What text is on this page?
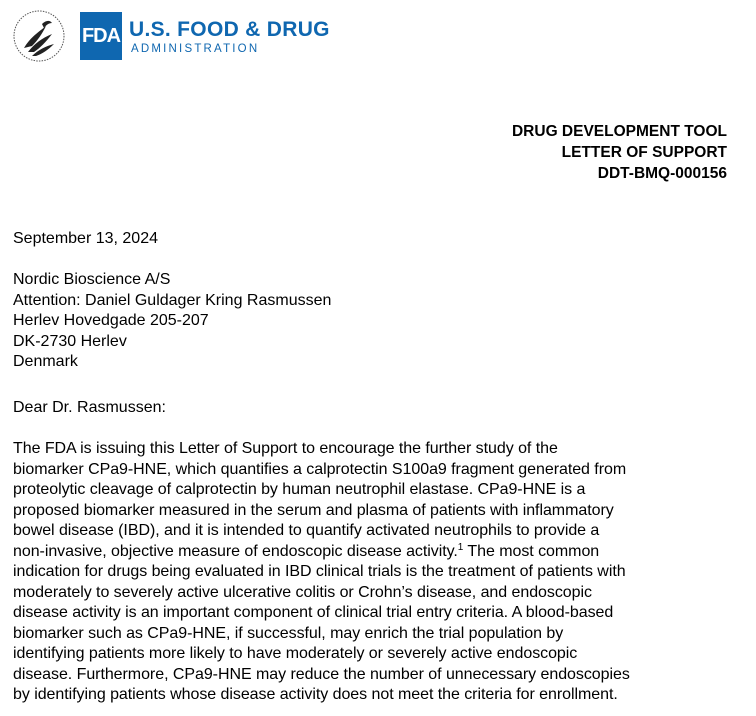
FDA U.S. FOOD & DRUG
ADMINISTRATION
DRUG DEVELOPMENT TOOL
LETTER OF SUPPORT
DDT-BMQ-000156
September 13, 2024
Nordic Bioscience A/S
Attention: Daniel Guldager Kring Rasmussen
Herlev Hovedgade 205-207
DK-2730 Herlev
Denmark
Dear Dr. Rasmussen:
The FDA is issuing this Letter of Support to encourage the further study of the
biomarker CPa9-HNE, which quantifies a calprotectin S100a9 fragment generated from
proteolytic cleavage of calprotectin by human neutrophil elastase. CPa9-HNE is a
proposed biomarker measured in the serum and plasma of patients with inflammatory
bowel disease (IBD), and it is intended to quantify activated neutrophils to provide a
non-invasive, objective measure of endoscopic disease activity.$^1$ The most common
indication for drugs being evaluated in IBD clinical trials is the treatment of patients with
moderately to severely active ulcerative colitis or Crohn’s disease, and endoscopic
disease activity is an important component of clinical trial entry criteria. A blood-based
biomarker such as CPa9-HNE, if successful, may enrich the trial population by
identifying patients more likely to have moderately or severely active endoscopic
disease. Furthermore, CPa9-HNE may reduce the number of unnecessary endoscopies
by identifying patients whose disease activity does not meet the criteria for enrollment.
